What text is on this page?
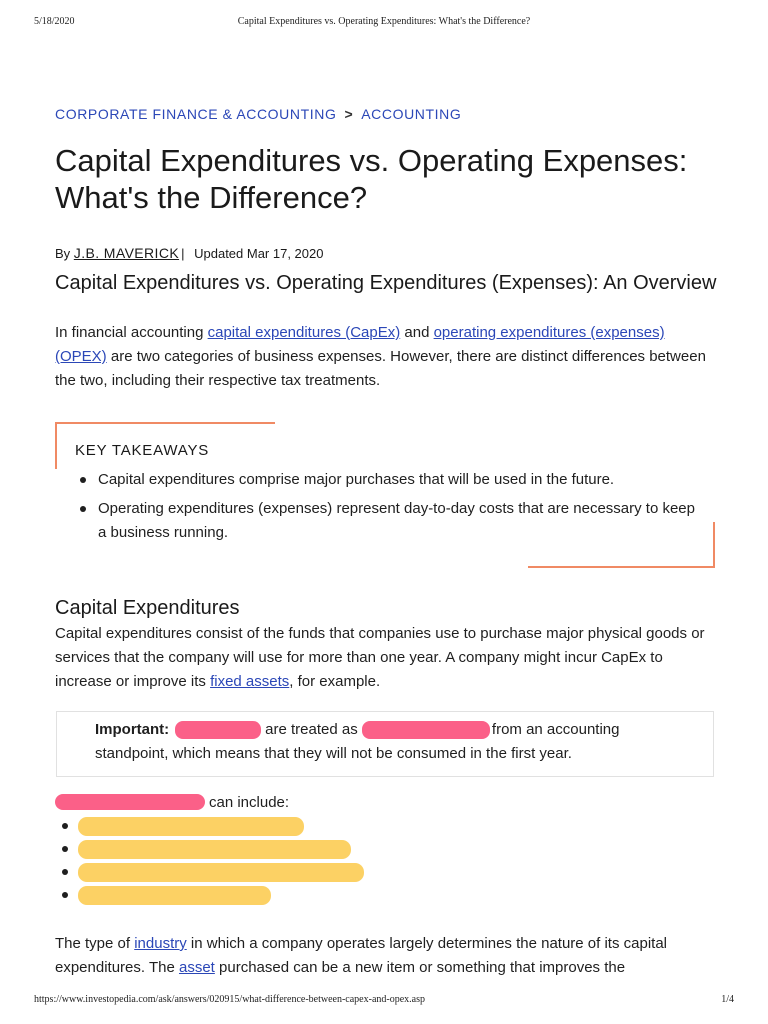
5/18/2020	Capital Expenditures vs. Operating Expenditures: What's the Difference?
CORPORATE FINANCE & ACCOUNTING > ACCOUNTING
Capital Expenditures vs. Operating Expenses: What's the Difference?
By J.B. MAVERICK | Updated Mar 17, 2020
Capital Expenditures vs. Operating Expenditures (Expenses): An Overview

In financial accounting capital expenditures (CapEx) and operating expenditures (expenses) (OPEX) are two categories of business expenses. However, there are distinct differences between the two, including their respective tax treatments.

KEY TAKEAWAYS
Capital expenditures comprise major purchases that will be used in the future.
Operating expenditures (expenses) represent day-to-day costs that are necessary to keep a business running.
Capital Expenditures

Capital expenditures consist of the funds that companies use to purchase major physical goods or services that the company will use for more than one year. A company might incur CapEx to increase or improve its fixed assets, for example.

Important:	are treated as	from an accounting standpoint, which means that they will not be consumed in the first year.
can include:

The type of industry in which a company operates largely determines the nature of its capital expenditures. The asset purchased can be a new item or something that improves the

https://www.investopedia.com/ask/answers/020915/what-difference-between-capex-and-opex.asp	1/4
